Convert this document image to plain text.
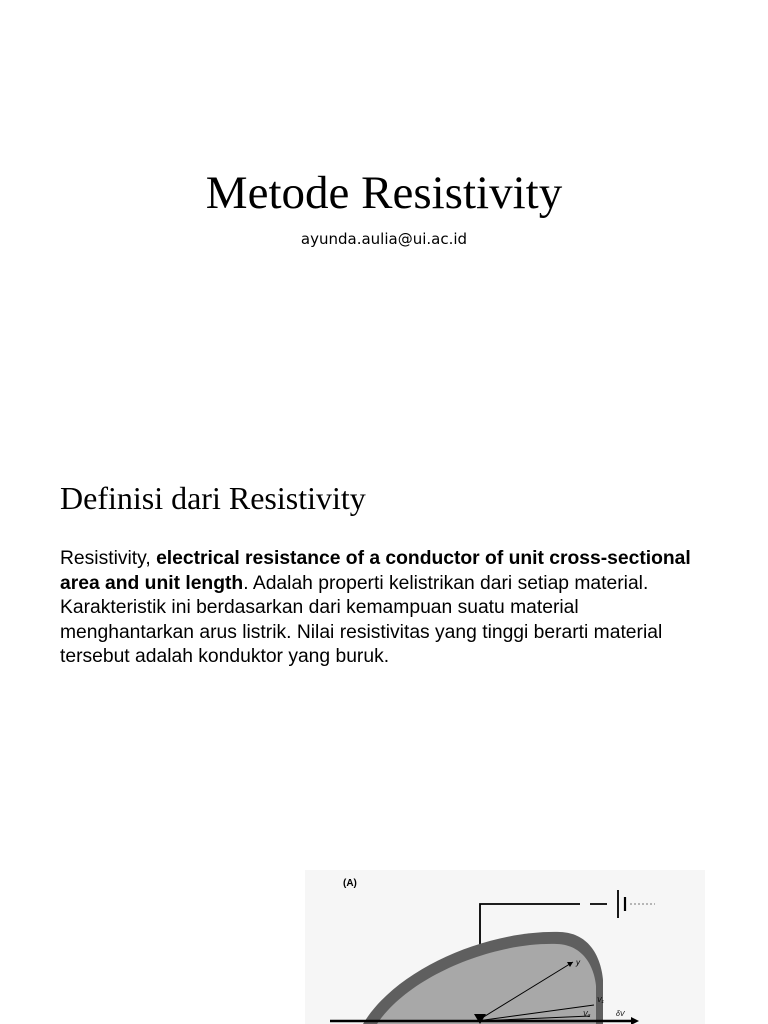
Metode Resistivity
ayunda.aulia@ui.ac.id
Definisi dari Resistivity
Resistivity, electrical resistance of a conductor of unit cross-sectional area and unit length. Adalah properti kelistrikan dari setiap material. Karakteristik ini berdasarkan dari kemampuan suatu material menghantarkan arus listrik. Nilai resistivitas yang tinggi berarti material tersebut adalah konduktor yang buruk.
(A)
y
V₁
V₂	δV
